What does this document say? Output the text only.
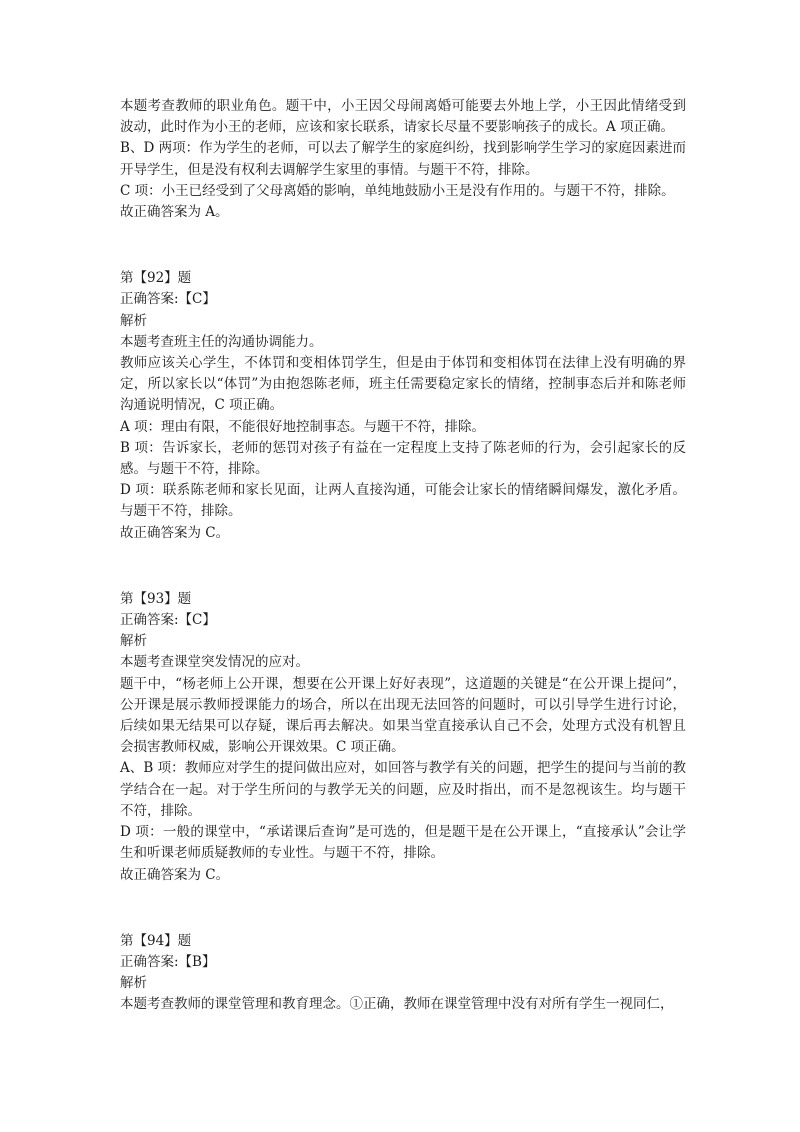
本题考查教师的职业角色。题干中，小王因父母闹离婚可能要去外地上学，小王因此情绪受到波动，此时作为小王的老师，应该和家长联系，请家长尽量不要影响孩子的成长。A 项正确。

B、D 两项：作为学生的老师，可以去了解学生的家庭纠纷，找到影响学生学习的家庭因素进而开导学生，但是没有权利去调解学生家里的事情。与题干不符，排除。

C 项：小王已经受到了父母离婚的影响，单纯地鼓励小王是没有作用的。与题干不符，排除。

故正确答案为 A。

第【92】题

正确答案:【C】

解析

本题考查班主任的沟通协调能力。

教师应该关心学生，不体罚和变相体罚学生，但是由于体罚和变相体罚在法律上没有明确的界定，所以家长以“体罚”为由抱怨陈老师，班主任需要稳定家长的情绪，控制事态后并和陈老师沟通说明情况，C 项正确。

A 项：理由有限，不能很好地控制事态。与题干不符，排除。

B 项：告诉家长，老师的惩罚对孩子有益在一定程度上支持了陈老师的行为，会引起家长的反感。与题干不符，排除。

D 项：联系陈老师和家长见面，让两人直接沟通，可能会让家长的情绪瞬间爆发，激化矛盾。与题干不符，排除。

故正确答案为 C。

第【93】题

正确答案:【C】

解析

本题考查课堂突发情况的应对。

题干中，“杨老师上公开课，想要在公开课上好好表现”，这道题的关键是“在公开课上提问”，公开课是展示教师授课能力的场合，所以在出现无法回答的问题时，可以引导学生进行讨论，后续如果无结果可以存疑，课后再去解决。如果当堂直接承认自己不会，处理方式没有机智且会损害教师权威，影响公开课效果。C 项正确。

A、B 项：教师应对学生的提问做出应对，如回答与教学有关的问题，把学生的提问与当前的教学结合在一起。对于学生所问的与教学无关的问题，应及时指出，而不是忽视该生。均与题干不符，排除。

D 项：一般的课堂中，“承诺课后查询”是可选的，但是题干是在公开课上，“直接承认”会让学生和听课老师质疑教师的专业性。与题干不符，排除。

故正确答案为 C。

第【94】题

正确答案:【B】

解析

本题考查教师的课堂管理和教育理念。①正确，教师在课堂管理中没有对所有学生一视同仁，
